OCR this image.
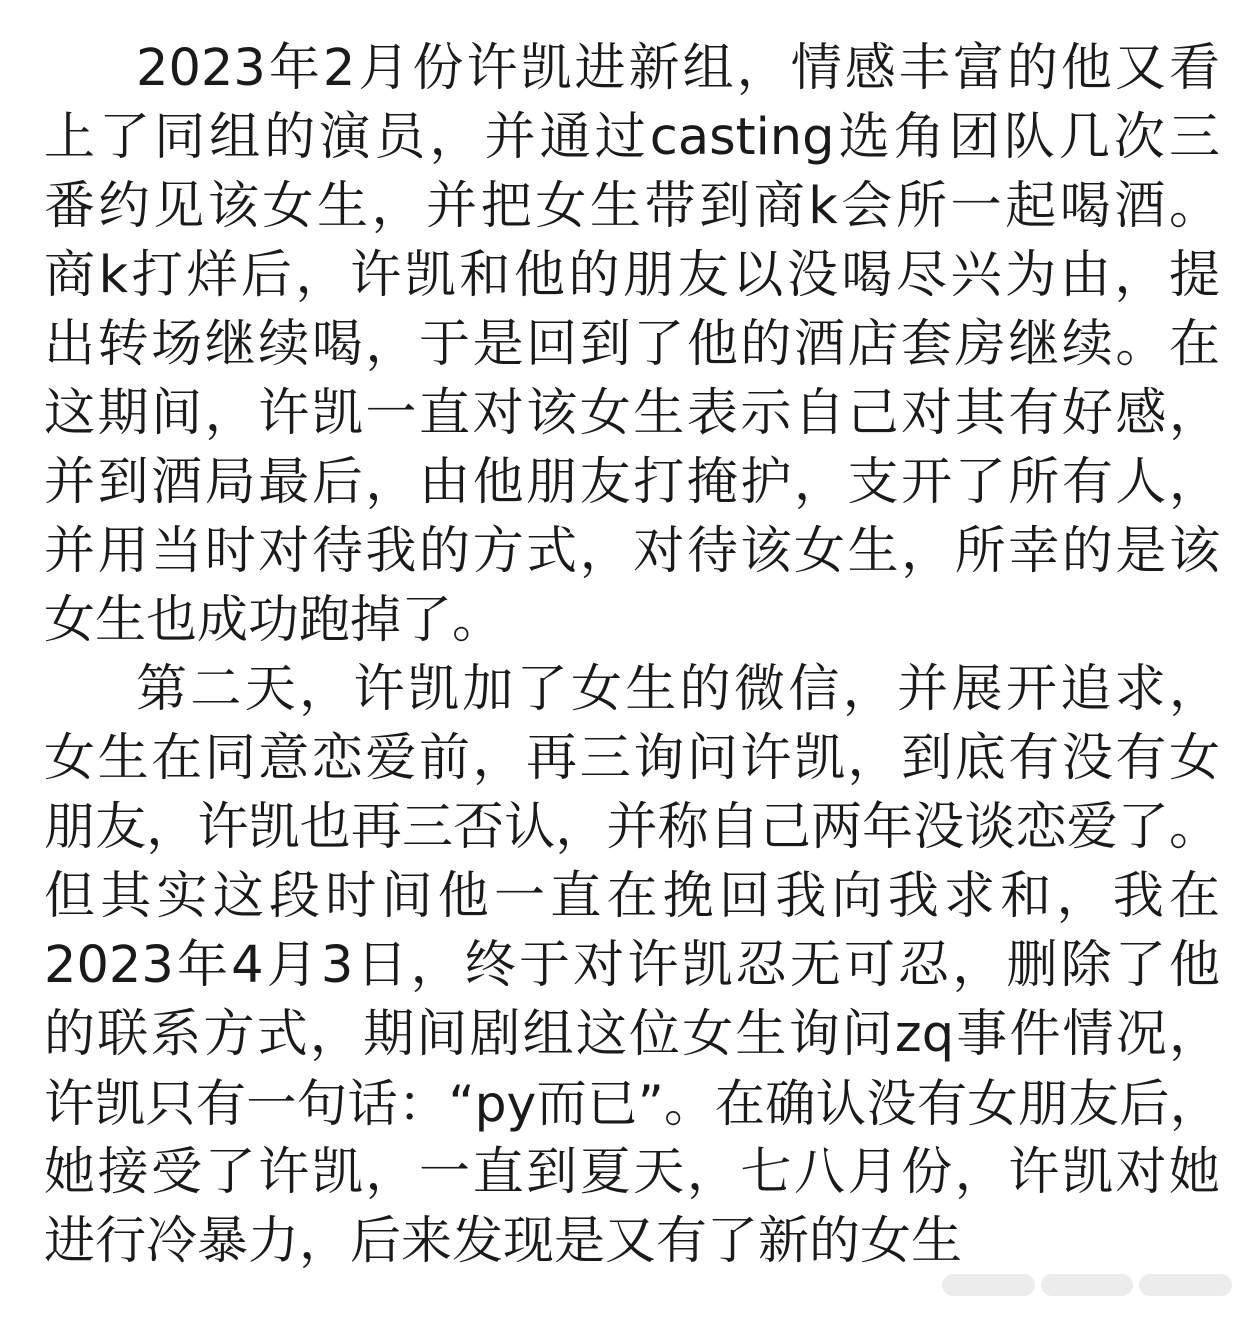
2023年2月份许凯进新组，情感丰富的他又看
上了同组的演员，并通过casting选角团队几次三
番约见该女生，并把女生带到商k会所一起喝酒。
商k打烊后，许凯和他的朋友以没喝尽兴为由，提
出转场继续喝，于是回到了他的酒店套房继续。在
这期间，许凯一直对该女生表示自己对其有好感，
并到酒局最后，由他朋友打掩护，支开了所有人，
并用当时对待我的方式，对待该女生，所幸的是该
女生也成功跑掉了。
第二天，许凯加了女生的微信，并展开追求，
女生在同意恋爱前，再三询问许凯，到底有没有女
朋友，许凯也再三否认，并称自己两年没谈恋爱了。
但其实这段时间他一直在挽回我向我求和，我在
2023年4月3日，终于对许凯忍无可忍，删除了他
的联系方式，期间剧组这位女生询问zq事件情况，
许凯只有一句话：“py而已”。在确认没有女朋友后，
她接受了许凯，一直到夏天，七八月份，许凯对她
进行冷暴力，后来发现是又有了新的女生
